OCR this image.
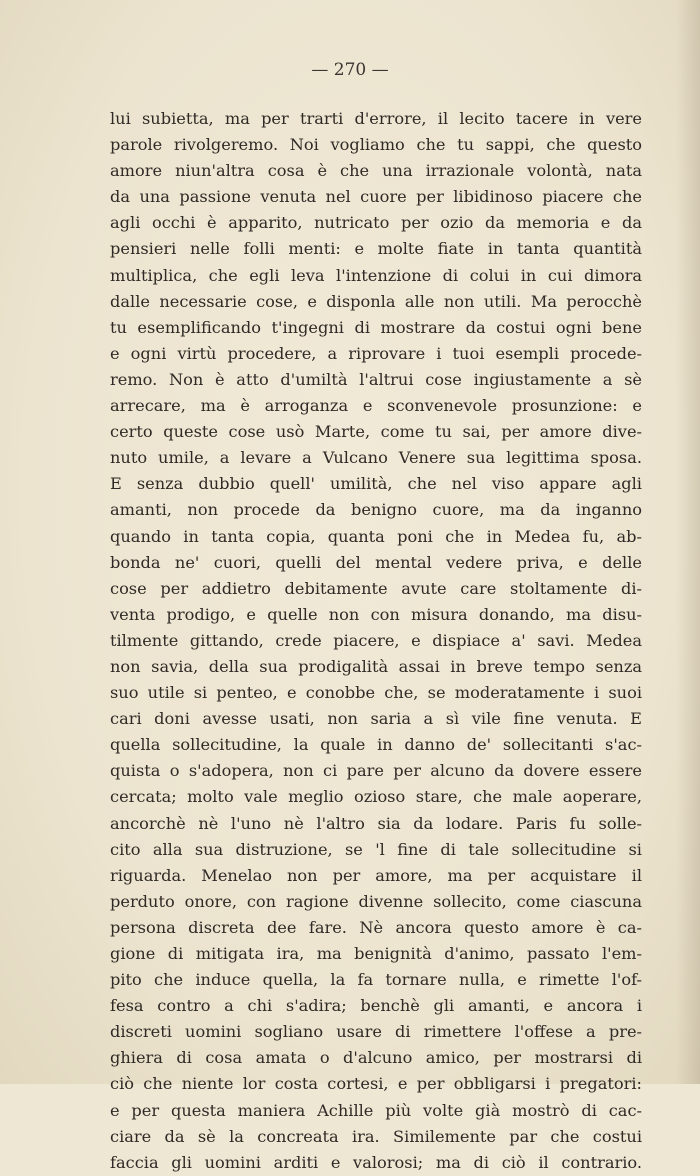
— 270 —
lui subietta, ma per trarti d'errore, il lecito tacere in vere
parole rivolgeremo. Noi vogliamo che tu sappi, che questo
amore niun'altra cosa è che una irrazionale volontà, nata
da una passione venuta nel cuore per libidinoso piacere che
agli occhi è apparito, nutricato per ozio da memoria e da
pensieri nelle folli menti: e molte fiate in tanta quantità
multiplica, che egli leva l'intenzione di colui in cui dimora
dalle necessarie cose, e disponla alle non utili. Ma perocchè
tu esemplificando t'ingegni di mostrare da costui ogni bene
e ogni virtù procedere, a riprovare i tuoi esempli procede-
remo. Non è atto d'umiltà l'altrui cose ingiustamente a sè
arrecare, ma è arroganza e sconvenevole prosunzione: e
certo queste cose usò Marte, come tu sai, per amore dive-
nuto umile, a levare a Vulcano Venere sua legittima sposa.
E senza dubbio quell' umilità, che nel viso appare agli
amanti, non procede da benigno cuore, ma da inganno
quando in tanta copia, quanta poni che in Medea fu, ab-
bonda ne' cuori, quelli del mental vedere priva, e delle
cose per addietro debitamente avute care stoltamente di-
venta prodigo, e quelle non con misura donando, ma disu-
tilmente gittando, crede piacere, e dispiace a' savi. Medea
non savia, della sua prodigalità assai in breve tempo senza
suo utile si penteo, e conobbe che, se moderatamente i suoi
cari doni avesse usati, non saria a sì vile fine venuta. E
quella sollecitudine, la quale in danno de' sollecitanti s'ac-
quista o s'adopera, non ci pare per alcuno da dovere essere
cercata; molto vale meglio ozioso stare, che male aoperare,
ancorchè nè l'uno nè l'altro sia da lodare. Paris fu solle-
cito alla sua distruzione, se 'l fine di tale sollecitudine si
riguarda. Menelao non per amore, ma per acquistare il
perduto onore, con ragione divenne sollecito, come ciascuna
persona discreta dee fare. Nè ancora questo amore è ca-
gione di mitigata ira, ma benignità d'animo, passato l'em-
pito che induce quella, la fa tornare nulla, e rimette l'of-
fesa contro a chi s'adira; benchè gli amanti, e ancora i
discreti uomini sogliano usare di rimettere l'offese a pre-
ghiera di cosa amata o d'alcuno amico, per mostrarsi di
ciò che niente lor costa cortesi, e per obbligarsi i pregatori:
e per questa maniera Achille più volte già mostrò di cac-
ciare da sè la concreata ira. Similemente par che costui
faccia gli uomini arditi e valorosi; ma di ciò il contrario.
